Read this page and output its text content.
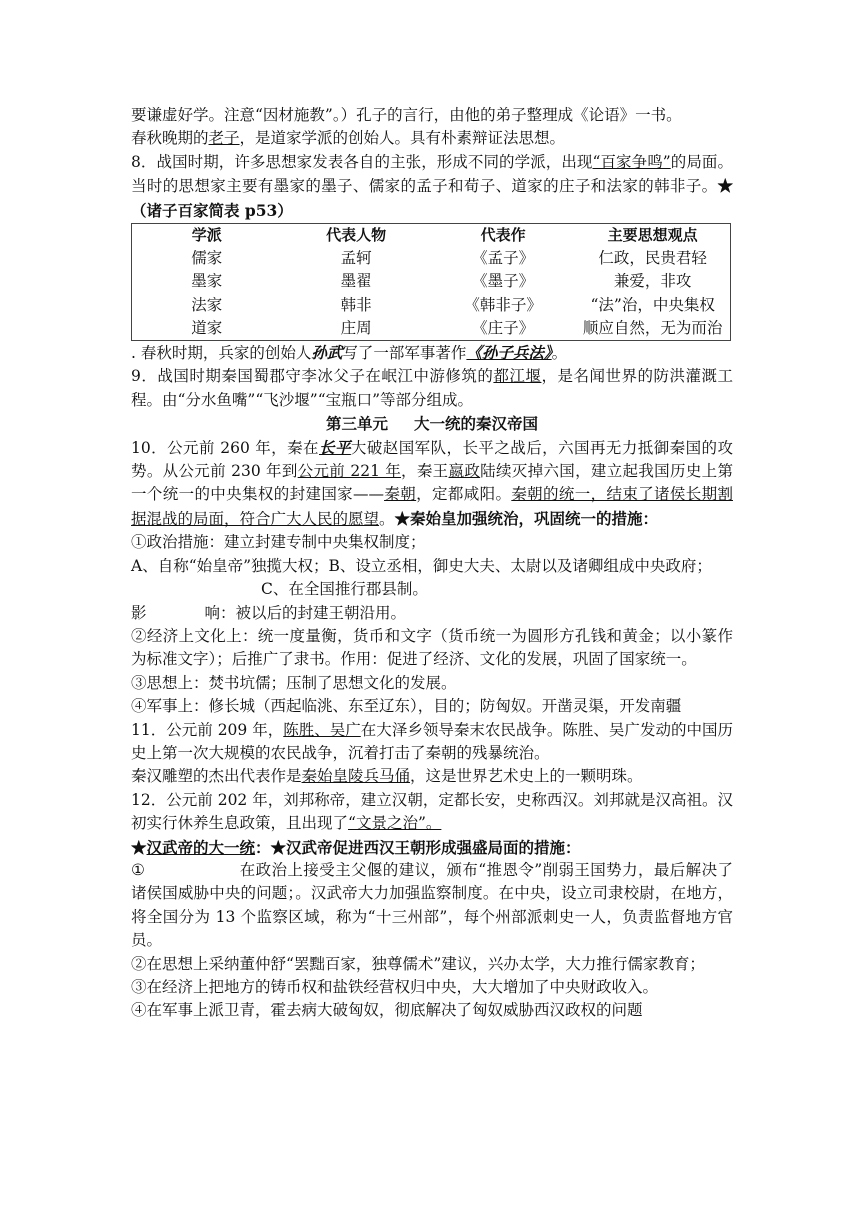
要谦虚好学。注意“因材施教”。）孔子的言行，由他的弟子整理成《论语》一书。

春秋晚期的老子，是道家学派的创始人。具有朴素辩证法思想。

8．战国时期，许多思想家发表各自的主张，形成不同的学派，出现“百家争鸣”的局面。当时的思想家主要有墨家的墨子、儒家的孟子和荀子、道家的庄子和法家的韩非子。★（诸子百家简表 p53）

学派	代表人物	代表作	主要思想观点
儒家	孟轲	《孟子》	仁政，民贵君轻
墨家	墨翟	《墨子》	兼爱，非攻
法家	韩非	《韩非子》	“法”治，中央集权
道家	庄周	《庄子》	顺应自然，无为而治

. 春秋时期，兵家的创始人孙武写了一部军事著作《孙子兵法》。

9．战国时期秦国蜀郡守李冰父子在岷江中游修筑的都江堰，是名闻世界的防洪灌溉工程。由“分水鱼嘴”“飞沙堰”“宝瓶口”等部分组成。

第三单元 大一统的秦汉帝国

10．公元前 260 年，秦在长平大破赵国军队，长平之战后，六国再无力抵御秦国的攻势。从公元前 230 年到公元前 221 年，秦王嬴政陆续灭掉六国，建立起我国历史上第一个统一的中央集权的封建国家——秦朝，定都咸阳。秦朝的统一，结束了诸侯长期割据混战的局面，符合广大人民的愿望。★秦始皇加强统治，巩固统一的措施：

①政治措施：建立封建专制中央集权制度；

A、自称“始皇帝”独揽大权；B、设立丞相，御史大夫、太尉以及诸卿组成中央政府；C、在全国推行郡县制。

影	响：被以后的封建王朝沿用。

②经济上文化上：统一度量衡，货币和文字（货币统一为圆形方孔钱和黄金；以小篆作为标准文字）；后推广了隶书。作用：促进了经济、文化的发展，巩固了国家统一。

③思想上：焚书坑儒；压制了思想文化的发展。

④军事上：修长城（西起临洮、东至辽东），目的；防匈奴。开凿灵渠，开发南疆

11．公元前 209 年，陈胜、吴广在大泽乡领导秦末农民战争。陈胜、吴广发动的中国历史上第一次大规模的农民战争，沉着打击了秦朝的残暴统治。

秦汉雕塑的杰出代表作是秦始皇陵兵马俑，这是世界艺术史上的一颗明珠。

12．公元前 202 年，刘邦称帝，建立汉朝，定都长安，史称西汉。刘邦就是汉高祖。汉初实行休养生息政策，且出现了“文景之治”。

★汉武帝的大一统：★汉武帝促进西汉王朝形成强盛局面的措施：

①	在政治上接受主父偃的建议，颁布“推恩令”削弱王国势力，最后解决了诸侯国威胁中央的问题；。汉武帝大力加强监察制度。在中央，设立司隶校尉，在地方，将全国分为 13 个监察区域，称为“十三州部”，每个州部派刺史一人，负责监督地方官员。

②在思想上采纳董仲舒“罢黜百家，独尊儒术”建议，兴办太学，大力推行儒家教育；

③在经济上把地方的铸币权和盐铁经营权归中央，大大增加了中央财政收入。

④在军事上派卫青，霍去病大破匈奴，彻底解决了匈奴威胁西汉政权的问题
